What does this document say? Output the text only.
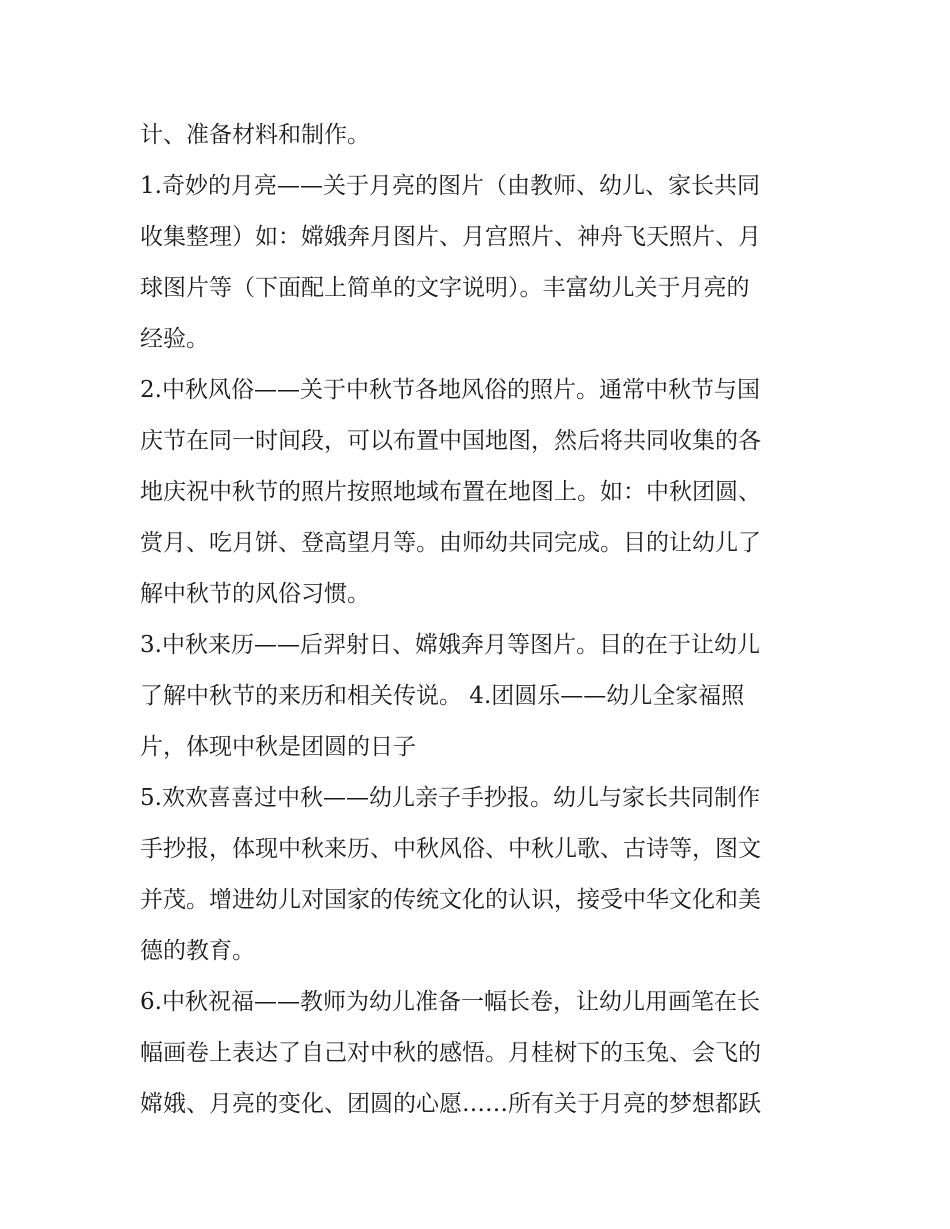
计、准备材料和制作。
1.奇妙的月亮——关于月亮的图片（由教师、幼儿、家长共同
收集整理）如：嫦娥奔月图片、月宫照片、神舟飞天照片、月
球图片等（下面配上简单的文字说明）。丰富幼儿关于月亮的
经验。
2.中秋风俗——关于中秋节各地风俗的照片。通常中秋节与国
庆节在同一时间段，可以布置中国地图，然后将共同收集的各
地庆祝中秋节的照片按照地域布置在地图上。如：中秋团圆、
赏月、吃月饼、登高望月等。由师幼共同完成。目的让幼儿了
解中秋节的风俗习惯。
3.中秋来历——后羿射日、嫦娥奔月等图片。目的在于让幼儿
了解中秋节的来历和相关传说。 4.团圆乐——幼儿全家福照
片，体现中秋是团圆的日子
5.欢欢喜喜过中秋——幼儿亲子手抄报。幼儿与家长共同制作
手抄报，体现中秋来历、中秋风俗、中秋儿歌、古诗等，图文
并茂。增进幼儿对国家的传统文化的认识，接受中华文化和美
德的教育。
6.中秋祝福——教师为幼儿准备一幅长卷，让幼儿用画笔在长
幅画卷上表达了自己对中秋的感悟。月桂树下的玉兔、会飞的
嫦娥、月亮的变化、团圆的心愿……所有关于月亮的梦想都跃
